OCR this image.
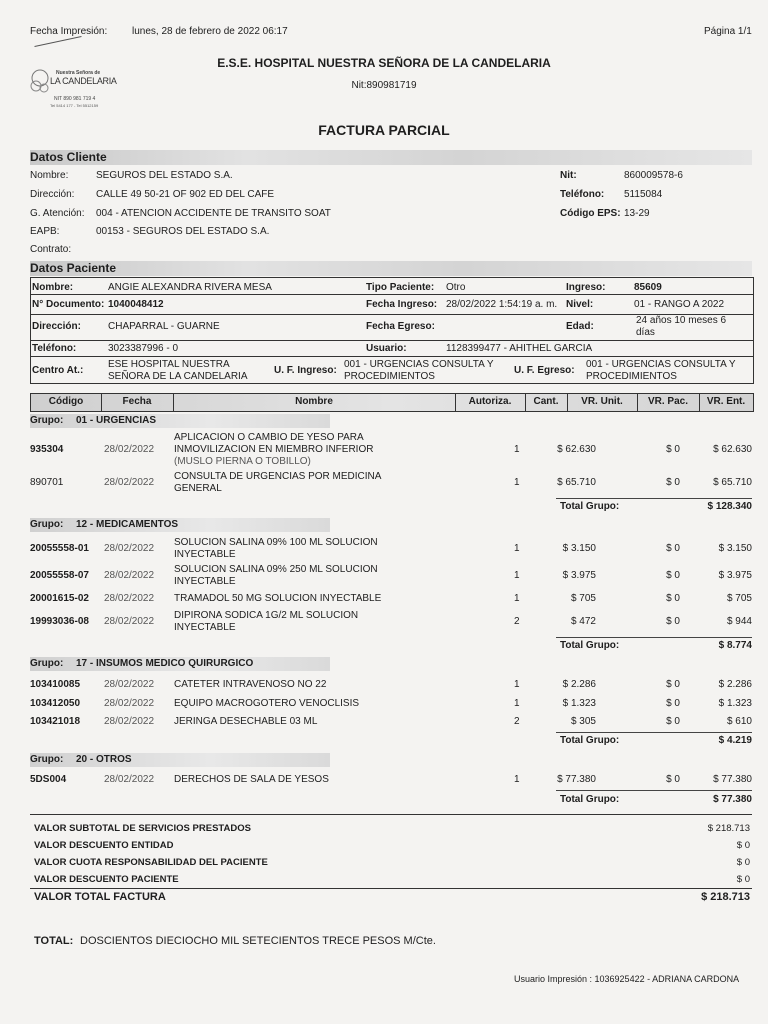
Fecha Impresión: lunes, 28 de febrero de 2022 06:17	Página 1/1
Nuestra Señora de
LA CANDELARIA
NIT 890 981 719 4
Tel 5414 177 - Tel 5512159
E.S.E. HOSPITAL NUESTRA SEÑORA DE LA CANDELARIA
Nit:890981719
FACTURA PARCIAL
Datos Cliente
Nombre:	SEGUROS DEL ESTADO S.A.
Dirección: CALLE 49 50-21 OF 902 ED DEL CAFE
G. Atención: 004 - ATENCION ACCIDENTE DE TRANSITO SOAT
EAPB:	00153 - SEGUROS DEL ESTADO S.A.
Contrato:
Nit:	860009578-6
Teléfono: 5115084
Código EPS: 13-29
Datos Paciente
Nombre:	ANGIE ALEXANDRA RIVERA MESA
N° Documento: 1040048412
Dirección:	CHAPARRAL - GUARNE
Teléfono:	3023387996 - 0
Centro At.:
ESE HOSPITAL NUESTRA
SEÑORA DE LA CANDELARIA
Tipo Paciente: Otro
Fecha Ingreso: 28/02/2022 1:54:19 a. m.
Fecha Egreso:
Usuario:	1128399477 - AHITHEL GARCIA
U. F. Ingreso:
001 - URGENCIAS CONSULTA Y
PROCEDIMIENTOS
U. F. Egreso:
001 - URGENCIAS CONSULTA Y
PROCEDIMIENTOS
Ingreso:	85609
Nivel:	01 - RANGO A 2022
Edad:
24 años 10 meses 6
días
Código	Fecha	Nombre	Autoriza.	Cant.	VR. Unit.	VR. Pac.	VR. Ent.
Grupo: 01 - URGENCIAS
935304	28/02/2022
APLICACION O CAMBIO DE YESO PARA
INMOVILIZACION EN MIEMBRO INFERIOR
(MUSLO PIERNA O TOBILLO)
1	$ 62.630	$ 0	$ 62.630
890701	28/02/2022
CONSULTA DE URGENCIAS POR MEDICINA
GENERAL
1	$ 65.710	$ 0	$ 65.710
Total Grupo:	$ 128.340
Grupo: 12 - MEDICAMENTOS
20055558-01 28/02/2022
SOLUCION SALINA 09% 100 ML SOLUCION
INYECTABLE
1	$ 3.150	$ 0	$ 3.150
20055558-07 28/02/2022
SOLUCION SALINA 09% 250 ML SOLUCION
INYECTABLE
1	$ 3.975	$ 0	$ 3.975
20001615-02 28/02/2022 TRAMADOL 50 MG SOLUCION INYECTABLE	1	$ 705	$ 0	$ 705
19993036-08 28/02/2022
DIPIRONA SODICA 1G/2 ML SOLUCION
INYECTABLE
2	$ 472	$ 0	$ 944
Total Grupo:	$ 8.774
Grupo: 17 - INSUMOS MEDICO QUIRURGICO
103410085 28/02/2022 CATETER INTRAVENOSO NO 22	1	$ 2.286	$ 0	$ 2.286
103412050 28/02/2022 EQUIPO MACROGOTERO VENOCLISIS	1	$ 1.323	$ 0	$ 1.323
103421018 28/02/2022 JERINGA DESECHABLE 03 ML	2	$ 305	$ 0	$ 610
Total Grupo:	$ 4.219
Grupo: 20 - OTROS
5DS004	28/02/2022 DERECHOS DE SALA DE YESOS	1	$ 77.380	$ 0	$ 77.380
Total Grupo:	$ 77.380
VALOR SUBTOTAL DE SERVICIOS PRESTADOS	$ 218.713
VALOR DESCUENTO ENTIDAD	$ 0
VALOR CUOTA RESPONSABILIDAD DEL PACIENTE	$ 0
VALOR DESCUENTO PACIENTE	$ 0
VALOR TOTAL FACTURA	$ 218.713
TOTAL: DOSCIENTOS DIECIOCHO MIL SETECIENTOS TRECE PESOS M/Cte.
Usuario Impresión : 1036925422 - ADRIANA CARDONA
